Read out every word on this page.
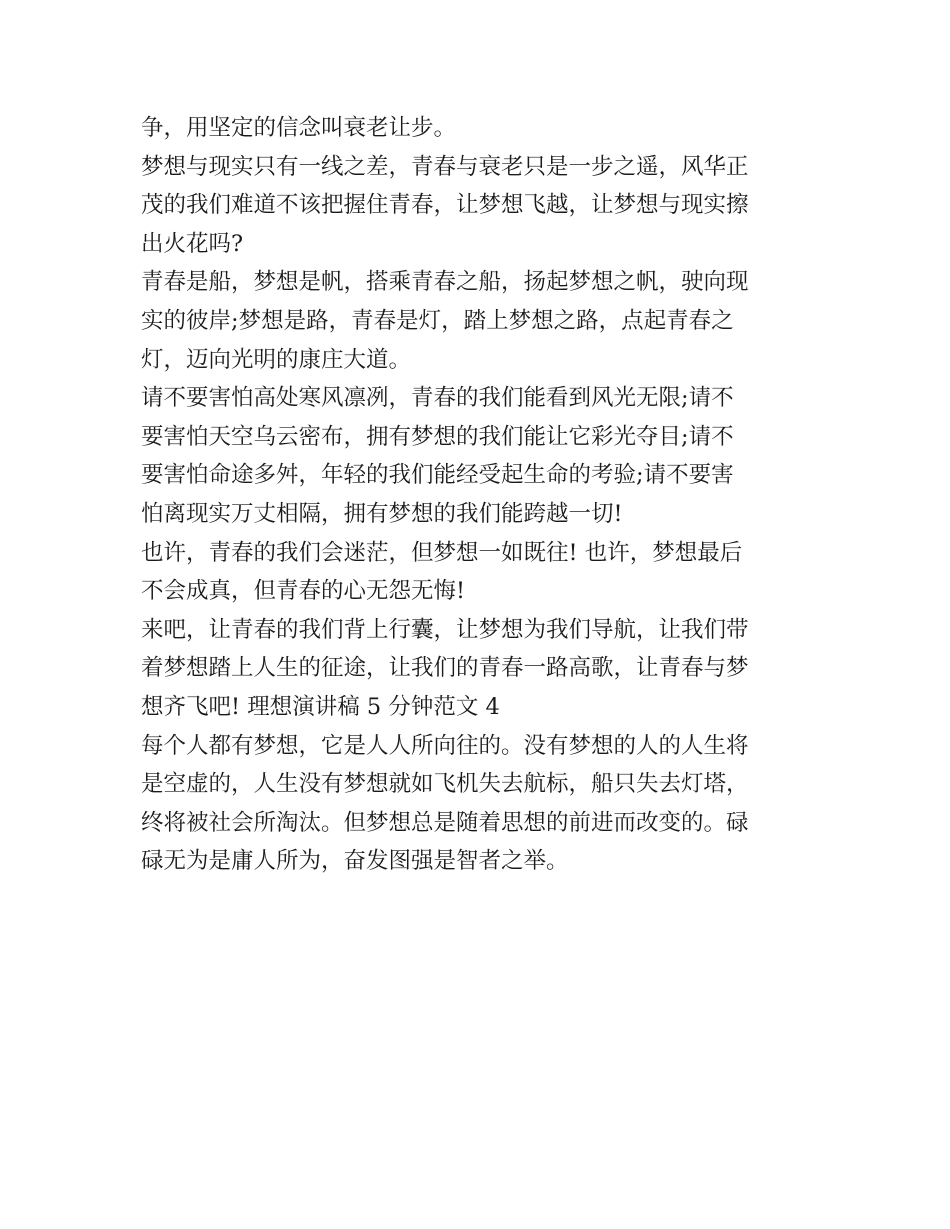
争，用坚定的信念叫衰老让步。
梦想与现实只有一线之差，青春与衰老只是一步之遥，风华正
茂的我们难道不该把握住青春，让梦想飞越，让梦想与现实擦
出火花吗?
青春是船，梦想是帆，搭乘青春之船，扬起梦想之帆，驶向现
实的彼岸;梦想是路，青春是灯，踏上梦想之路，点起青春之
灯，迈向光明的康庄大道。
请不要害怕高处寒风凛冽，青春的我们能看到风光无限;请不
要害怕天空乌云密布，拥有梦想的我们能让它彩光夺目;请不
要害怕命途多舛，年轻的我们能经受起生命的考验;请不要害
怕离现实万丈相隔，拥有梦想的我们能跨越一切!
也许，青春的我们会迷茫，但梦想一如既往! 也许，梦想最后
不会成真，但青春的心无怨无悔!
来吧，让青春的我们背上行囊，让梦想为我们导航，让我们带
着梦想踏上人生的征途，让我们的青春一路高歌，让青春与梦
想齐飞吧! 理想演讲稿 5 分钟范文 4
每个人都有梦想，它是人人所向往的。没有梦想的人的人生将
是空虚的，人生没有梦想就如飞机失去航标，船只失去灯塔，
终将被社会所淘汰。但梦想总是随着思想的前进而改变的。碌
碌无为是庸人所为，奋发图强是智者之举。
